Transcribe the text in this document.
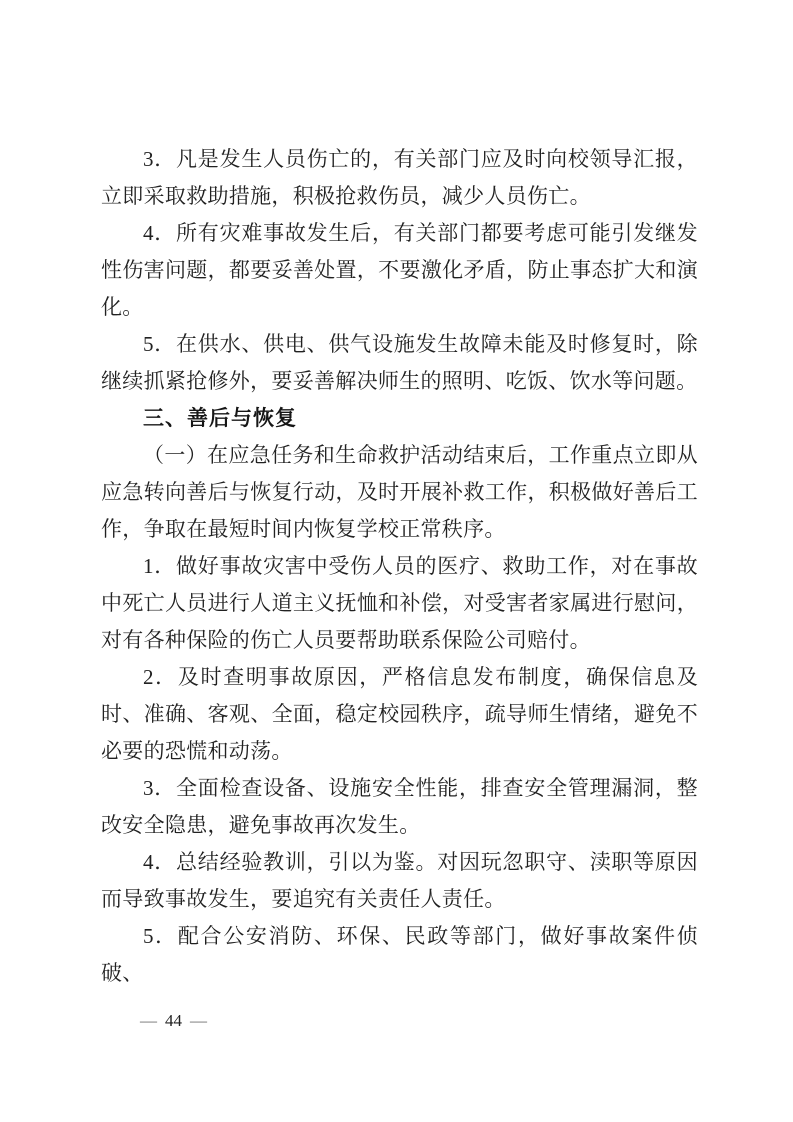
3．凡是发生人员伤亡的，有关部门应及时向校领导汇报，立即采取救助措施，积极抢救伤员，减少人员伤亡。

4．所有灾难事故发生后，有关部门都要考虑可能引发继发性伤害问题，都要妥善处置，不要激化矛盾，防止事态扩大和演化。

5．在供水、供电、供气设施发生故障未能及时修复时，除继续抓紧抢修外，要妥善解决师生的照明、吃饭、饮水等问题。

三、善后与恢复

（一）在应急任务和生命救护活动结束后，工作重点立即从应急转向善后与恢复行动，及时开展补救工作，积极做好善后工作，争取在最短时间内恢复学校正常秩序。

1．做好事故灾害中受伤人员的医疗、救助工作，对在事故中死亡人员进行人道主义抚恤和补偿，对受害者家属进行慰问，对有各种保险的伤亡人员要帮助联系保险公司赔付。

2．及时查明事故原因，严格信息发布制度，确保信息及时、准确、客观、全面，稳定校园秩序，疏导师生情绪，避免不必要的恐慌和动荡。

3．全面检查设备、设施安全性能，排查安全管理漏洞，整改安全隐患，避免事故再次发生。

4．总结经验教训，引以为鉴。对因玩忽职守、渎职等原因而导致事故发生，要追究有关责任人责任。

5．配合公安消防、环保、民政等部门，做好事故案件侦破、

— 44 —
